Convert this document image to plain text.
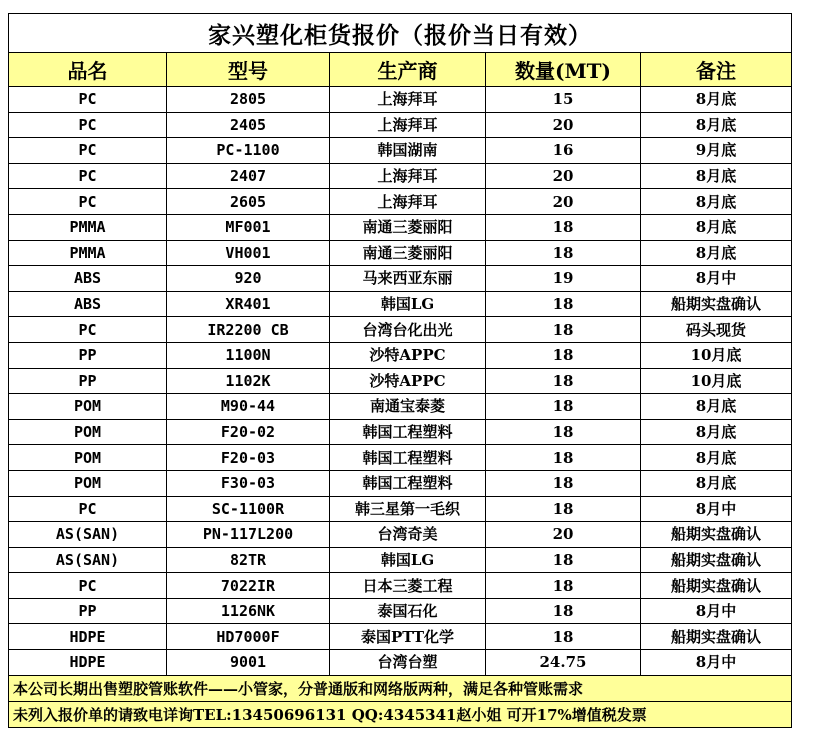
家兴塑化柜货报价（报价当日有效）				
品名	型号	生产商	数量(MT)	备注
PC	2805	上海拜耳	15	8月底
PC	2405	上海拜耳	20	8月底
PC	PC-1100	韩国湖南	16	9月底
PC	2407	上海拜耳	20	8月底
PC	2605	上海拜耳	20	8月底
PMMA	MF001	南通三菱丽阳	18	8月底
PMMA	VH001	南通三菱丽阳	18	8月底
ABS	920	马来西亚东丽	19	8月中
ABS	XR401	韩国LG	18	船期实盘确认
PC	IR2200 CB	台湾台化出光	18	码头现货
PP	1100N	沙特APPC	18	10月底
PP	1102K	沙特APPC	18	10月底
POM	M90-44	南通宝泰菱	18	8月底
POM	F20-02	韩国工程塑料	18	8月底
POM	F20-03	韩国工程塑料	18	8月底
POM	F30-03	韩国工程塑料	18	8月底
PC	SC-1100R	韩三星第一毛织	18	8月中
AS(SAN)	PN-117L200	台湾奇美	20	船期实盘确认
AS(SAN)	82TR	韩国LG	18	船期实盘确认
PC	7022IR	日本三菱工程	18	船期实盘确认
PP	1126NK	泰国石化	18	8月中
HDPE	HD7000F	泰国PTT化学	18	船期实盘确认
HDPE	9001	台湾台塑	24.75	8月中
本公司长期出售塑胶管账软件——小管家，分普通版和网络版两种，满足各种管账需求				
未列入报价单的请致电详询TEL:13450696131 QQ:4345341赵小姐 可开17%增值税发票				
